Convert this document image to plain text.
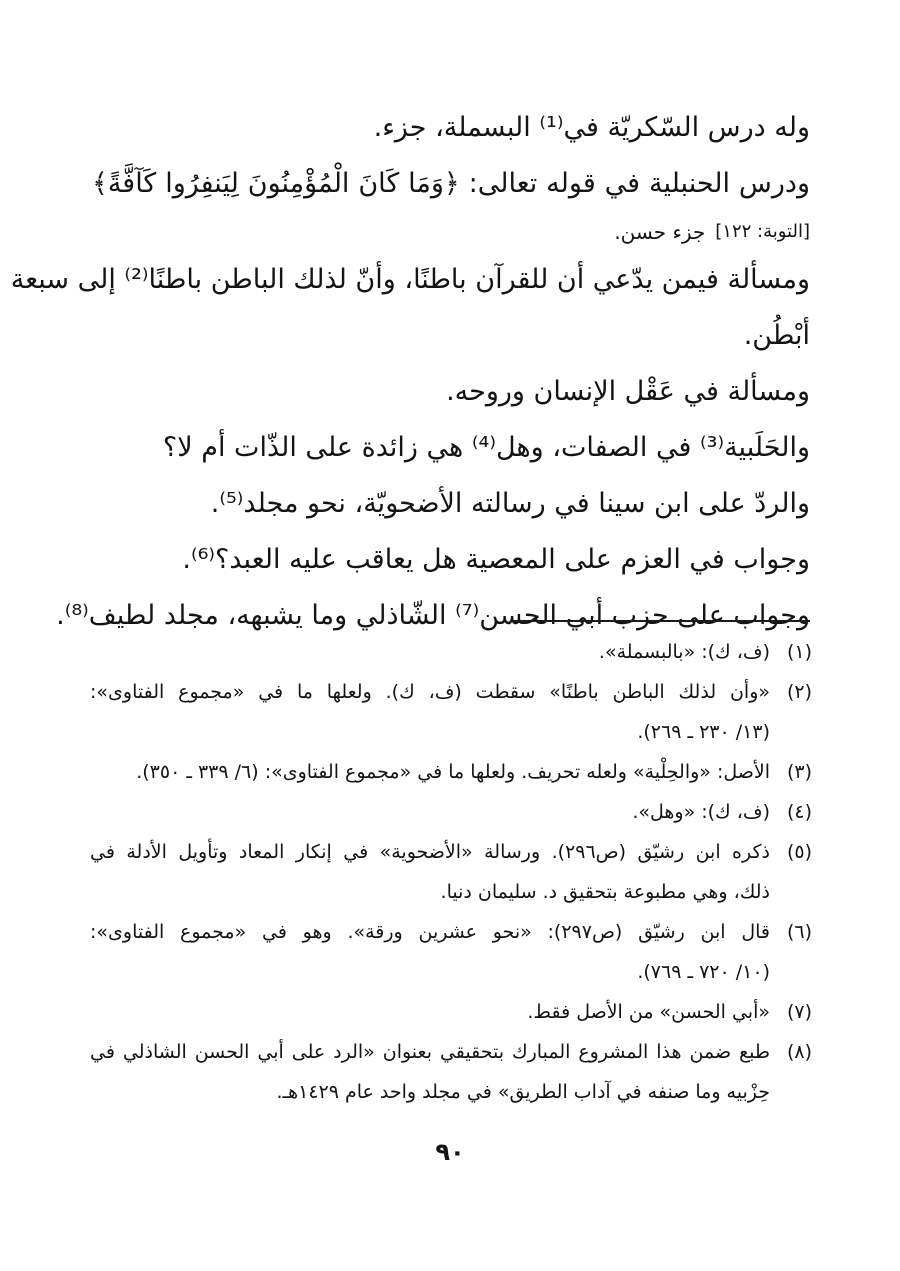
وله درس السّكريّة في⁽¹⁾ البسملة، جزء.
ودرس الحنبلية في قوله تعالى: ﴿وَمَا كَانَ الْمُؤْمِنُونَ لِيَنفِرُوا كَآفَّةً﴾
[التوبة: ١٢٢]
جزء حسن.
ومسألة فيمن يدّعي أن للقرآن باطنًا، وأنّ لذلك الباطن باطنًا⁽²⁾ إلى سبعة
أبْطُن.
ومسألة في عَقْل الإنسان وروحه.
والحَلَبية⁽³⁾ في الصفات، وهل⁽⁴⁾ هي زائدة على الذّات أم لا؟
والردّ على ابن سينا في رسالته الأضحويّة، نحو مجلد⁽⁵⁾.
وجواب في العزم على المعصية هل يعاقب عليه العبد؟⁽⁶⁾.
وجواب على حزب أبي الحسن⁽⁷⁾ الشّاذلي وما يشبهه، مجلد لطيف⁽⁸⁾.
(١)
(ف، ك): «بالبسملة».
(٢)
«وأن لذلك الباطن باطنًا» سقطت (ف، ك). ولعلها ما في «مجموع الفتاوى»:
(١٣/ ٢٣٠ ـ ٢٦٩).
(٣)
الأصل: «والحِلْية» ولعله تحريف. ولعلها ما في «مجموع الفتاوى»: (٦/ ٣٣٩ ـ ٣٥٠).
(٤)
(ف، ك): «وهل».
(٥)
ذكره ابن رشيّق (ص٢٩٦). ورسالة «الأضحوية» في إنكار المعاد وتأويل الأدلة في
ذلك، وهي مطبوعة بتحقيق د. سليمان دنيا.
(٦)
قال ابن رشيّق (ص٢٩٧): «نحو عشرين ورقة». وهو في «مجموع الفتاوى»:
(١٠/ ٧٢٠ ـ ٧٦٩).
(٧)
«أبي الحسن» من الأصل فقط.
(٨)
طبع ضمن هذا المشروع المبارك بتحقيقي بعنوان «الرد على أبي الحسن الشاذلي في
حِزْبيه وما صنفه في آداب الطريق» في مجلد واحد عام ١٤٢٩هـ.
٩٠
